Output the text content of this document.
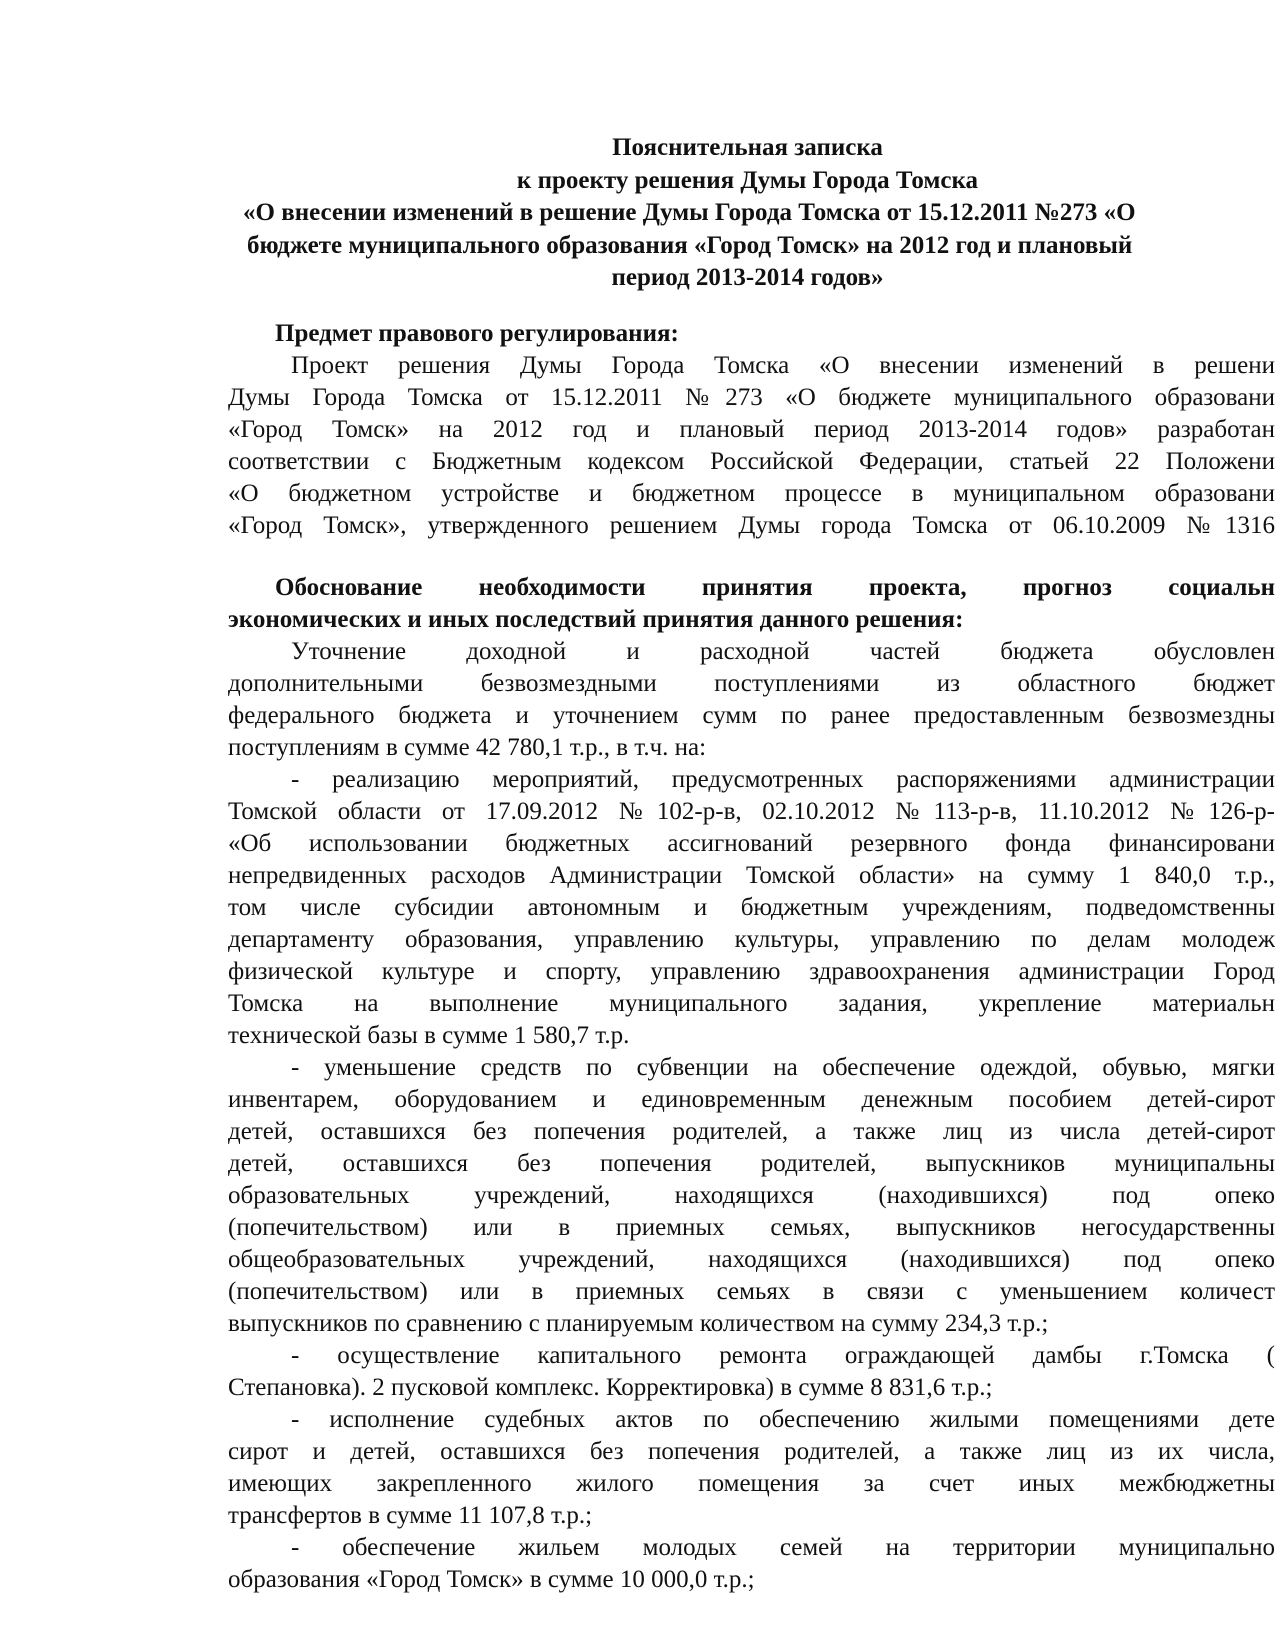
Пояснительная записка
к проекту решения Думы Города Томска
«О внесении изменений в решение Думы Города Томска от 15.12.2011 №273 «О
бюджете муниципального образования «Город Томск» на 2012 год и плановый
период 2013-2014 годов»
Предмет правового регулирования:
Проект решения Думы Города Томска «О внесении изменений в решени
Думы Города Томска от 15.12.2011 №273 «О бюджете муниципального образовани
«Город Томск» на 2012 год и плановый период 2013-2014 годов» разработан
соответствии с Бюджетным кодексом Российской Федерации, статьей 22 Положени
«О бюджетном устройстве и бюджетном процессе в муниципальном образовани
«Город Томск», утвержденного решением Думы города Томска от 06.10.2009 №1316
Обоснование необходимости принятия проекта, прогноз социальн
экономических и иных последствий принятия данного решения:
Уточнение доходной и расходной частей бюджета обусловлен
дополнительными безвозмездными поступлениями из областного бюджет
федерального бюджета и уточнением сумм по ранее предоставленным безвозмездны
поступлениям в сумме 42 780,1 т.р., в т.ч. на:
- реализацию мероприятий, предусмотренных распоряжениями администрации
Томской области от 17.09.2012 №102-р-в, 02.10.2012 №113-р-в, 11.10.2012 №126-р-
«Об использовании бюджетных ассигнований резервного фонда финансировани
непредвиденных расходов Администрации Томской области» на сумму 1 840,0 т.р.,
том числе субсидии автономным и бюджетным учреждениям, подведомственны
департаменту образования, управлению культуры, управлению по делам молодеж
физической культуре и спорту, управлению здравоохранения администрации Город
Томска на выполнение муниципального задания, укрепление материальн
технической базы в сумме 1 580,7 т.р.
- уменьшение средств по субвенции на обеспечение одеждой, обувью, мягки
инвентарем, оборудованием и единовременным денежным пособием детей-сирот
детей, оставшихся без попечения родителей, а также лиц из числа детей-сирот
детей, оставшихся без попечения родителей, выпускников муниципальны
образовательных учреждений, находящихся (находившихся) под опеко
(попечительством) или в приемных семьях, выпускников негосударственны
общеобразовательных учреждений, находящихся (находившихся) под опеко
(попечительством) или в приемных семьях в связи с уменьшением количест
выпускников по сравнению с планируемым количеством на сумму 234,3 т.р.;
- осуществление капитального ремонта ограждающей дамбы г.Томска (
Степановка). 2 пусковой комплекс. Корректировка) в сумме 8 831,6 т.р.;
- исполнение судебных актов по обеспечению жилыми помещениями дете
сирот и детей, оставшихся без попечения родителей, а также лиц из их числа,
имеющих закрепленного жилого помещения за счет иных межбюджетны
трансфертов в сумме 11 107,8 т.р.;
- обеспечение жильем молодых семей на территории муниципально
образования «Город Томск» в сумме 10 000,0 т.р.;
